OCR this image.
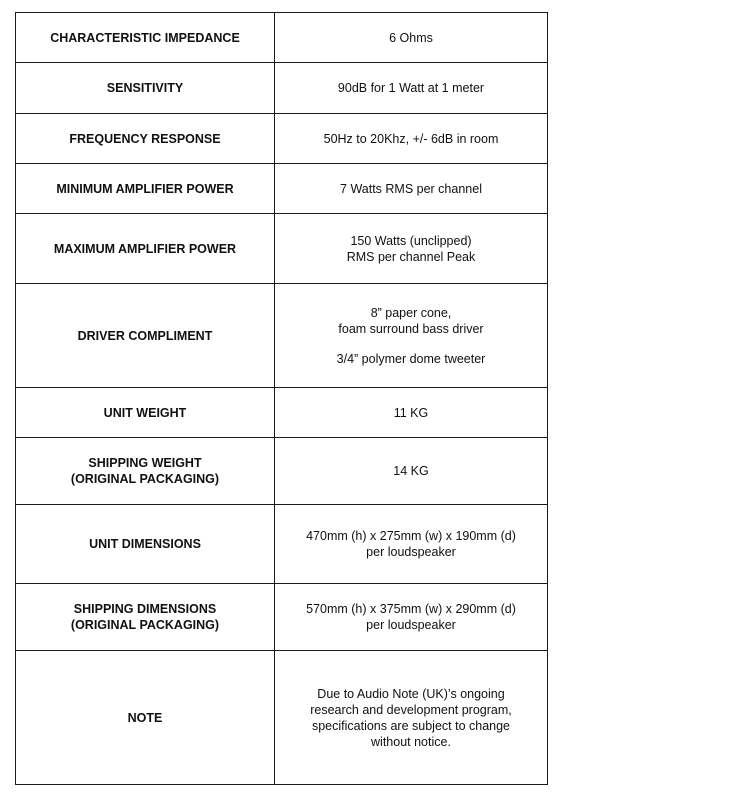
CHARACTERISTIC IMPEDANCE	6 Ohms

SENSITIVITY	90dB for 1 Watt at 1 meter

FREQUENCY RESPONSE	50Hz to 20Khz, +/- 6dB in room

MINIMUM AMPLIFIER POWER	7 Watts RMS per channel

MAXIMUM AMPLIFIER POWER	150 Watts (unclipped)
RMS per channel Peak

DRIVER COMPLIMENT	8” paper cone,
foam surround bass driver
3/4” polymer dome tweeter

UNIT WEIGHT	11 KG

SHIPPING WEIGHT
(ORIGINAL PACKAGING)	14 KG

UNIT DIMENSIONS	470mm (h) x 275mm (w) x 190mm (d)
per loudspeaker

SHIPPING DIMENSIONS
(ORIGINAL PACKAGING)	570mm (h) x 375mm (w) x 290mm (d)
per loudspeaker

NOTE	Due to Audio Note (UK)’s ongoing
research and development program,
specifications are subject to change
without notice.
